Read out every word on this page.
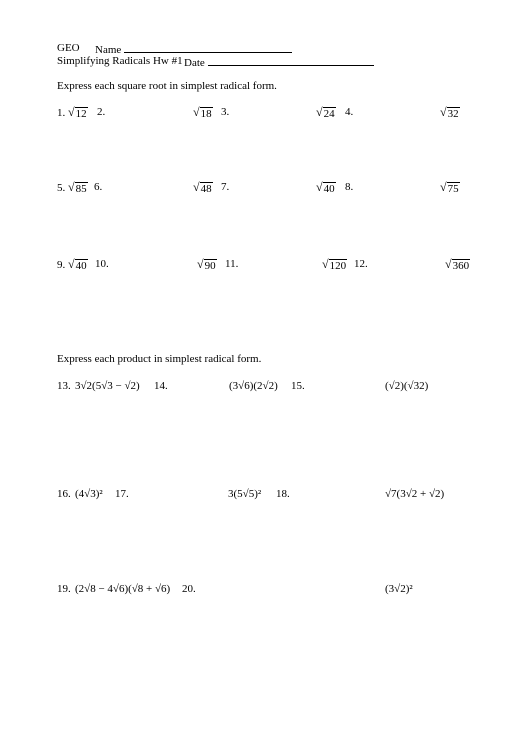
GEO Name
Simplifying Radicals Hw #1 Date
Express each square root in simplest radical form.
1. √ 12 2.	√ 18 3.	√ 24 4.	√ 32
5. √ 85 6.	√ 48 7.	√ 40 8.	√ 75
9. √ 40 10.	√ 90 11.	√ 120 12.	√ 360
Express each product in simplest radical form.
13. 3√2(5√3 − √2) 14.	(3√6)(2√2) 15.	(√2)(√32)
16. (4√3)² 17.	3(5√5)² 18.	√7(3√2 + √2)
19. (2√8 − 4√6)(√8 + √6) 20.	(3√2)²
